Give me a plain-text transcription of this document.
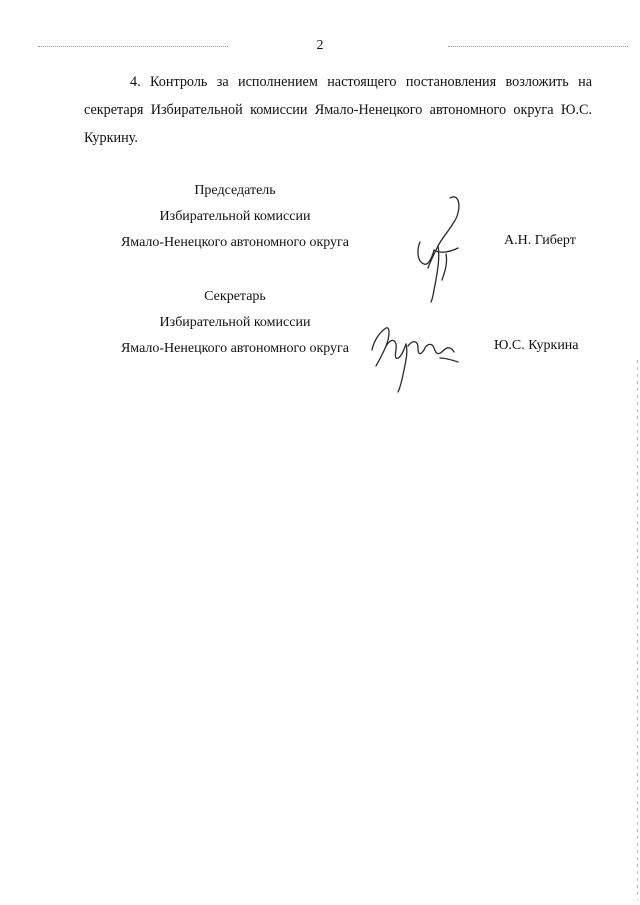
2
4. Контроль за исполнением настоящего постановления возложить на секретаря Избирательной комиссии Ямало-Ненецкого автономного округа Ю.С. Куркину.
Председатель
Избирательной комиссии
Ямало-Ненецкого автономного округа	А.Н. Гиберт
Секретарь
Избирательной комиссии
Ямало-Ненецкого автономного округа	Ю.С. Куркина
